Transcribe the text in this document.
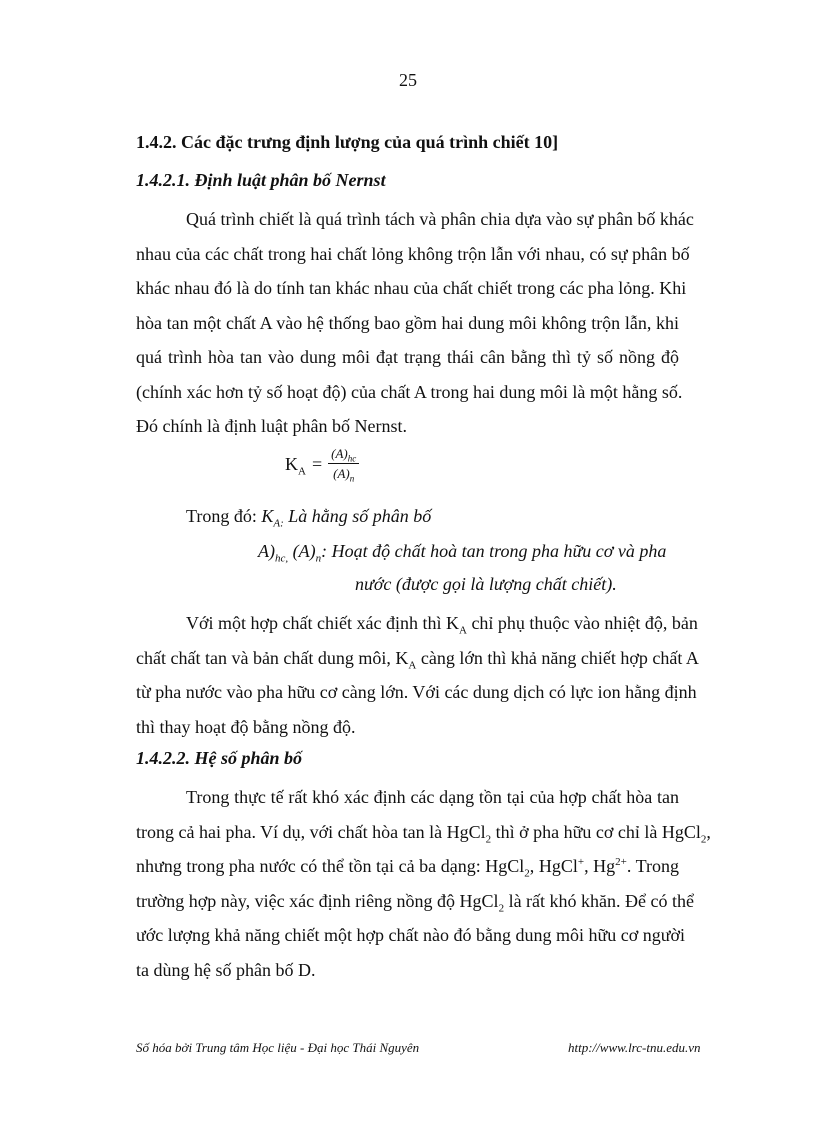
25
1.4.2. Các đặc trưng định lượng của quá trình chiết 10]
1.4.2.1. Định luật phân bố Nernst
Quá trình chiết là quá trình tách và phân chia dựa vào sự phân bố khác
nhau của các chất trong hai chất lỏng không trộn lẫn với nhau, có sự phân bố
khác nhau đó là do tính tan khác nhau của chất chiết trong các pha lỏng. Khi
hòa tan một chất A vào hệ thống bao gồm hai dung môi không trộn lẫn, khi
quá trình hòa tan vào dung môi đạt trạng thái cân bằng thì tỷ số nồng độ
(chính xác hơn tỷ số hoạt độ) của chất A trong hai dung môi là một hằng số.
Đó chính là định luật phân bố Nernst.
$K_A = \frac{(A)_{hc}}{(A)_n}$
Trong đó: $K_{A:}$ Là hằng số phân bố
$A)_{hc,}$ $(A)_n$: Hoạt độ chất hoà tan trong pha hữu cơ và pha
nước (được gọi là lượng chất chiết).
Với một hợp chất chiết xác định thì $K_A$ chỉ phụ thuộc vào nhiệt độ, bản
chất chất tan và bản chất dung môi, $K_A$ càng lớn thì khả năng chiết hợp chất A
từ pha nước vào pha hữu cơ càng lớn. Với các dung dịch có lực ion hằng định
thì thay hoạt độ bằng nồng độ.
1.4.2.2. Hệ số phân bố
Trong thực tế rất khó xác định các dạng tồn tại của hợp chất hòa tan
trong cả hai pha. Ví dụ, với chất hòa tan là HgCl$_2$ thì ở pha hữu cơ chỉ là HgCl$_2$,
nhưng trong pha nước có thể tồn tại cả ba dạng: HgCl$_2$, HgCl+, $Hg^{2+}$. Trong
trường hợp này, việc xác định riêng nồng độ HgCl$_2$ là rất khó khăn. Để có thể
ước lượng khả năng chiết một hợp chất nào đó bằng dung môi hữu cơ người
ta dùng hệ số phân bố D.
Số hóa bởi Trung tâm Học liệu - Đại học Thái Nguyên	http://www.lrc-tnu.edu.vn
